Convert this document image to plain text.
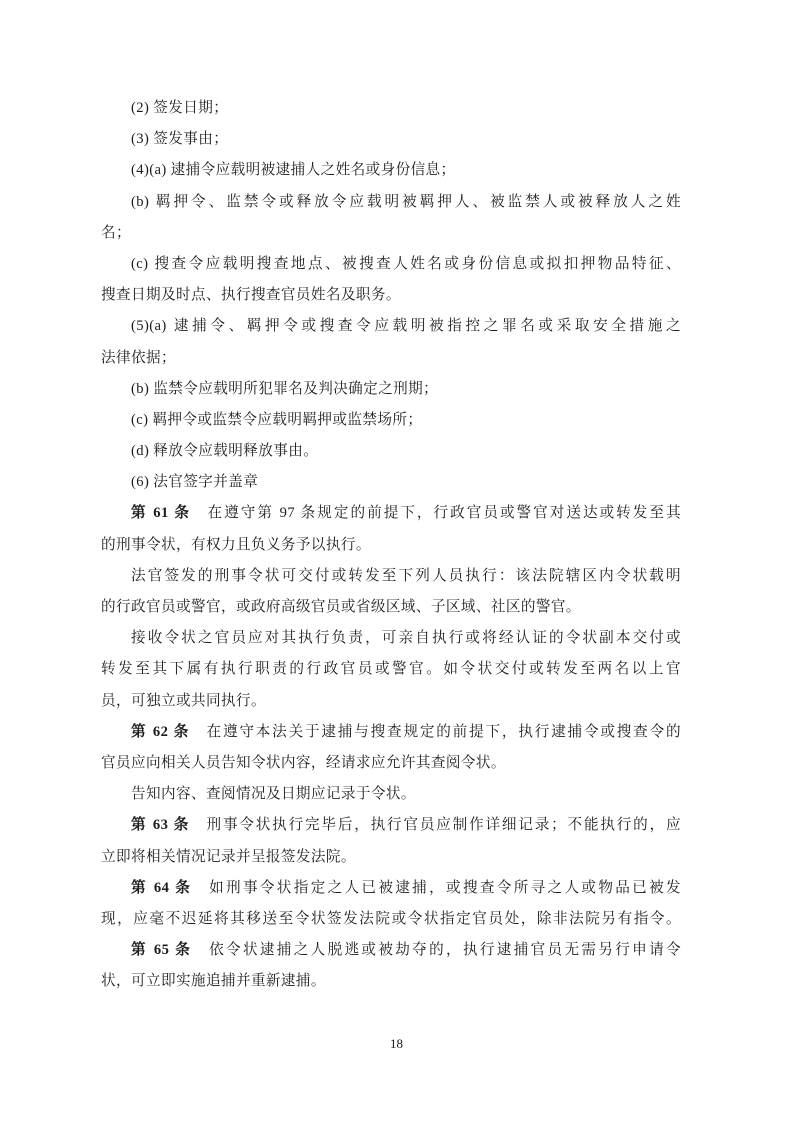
(2) 签发日期；
(3) 签发事由；
(4)(a) 逮捕令应载明被逮捕人之姓名或身份信息；
(b) 羁押令、监禁令或释放令应载明被羁押人、被监禁人或被释放人之姓
名；
(c) 搜查令应载明搜查地点、被搜查人姓名或身份信息或拟扣押物品特征、
搜查日期及时点、执行搜查官员姓名及职务。
(5)(a) 逮捕令、羁押令或搜查令应载明被指控之罪名或采取安全措施之
法律依据；
(b) 监禁令应载明所犯罪名及判决确定之刑期；
(c) 羁押令或监禁令应载明羁押或监禁场所；
(d) 释放令应载明释放事由。
(6) 法官签字并盖章
第 61 条　在遵守第 97 条规定的前提下，行政官员或警官对送达或转发至其
的刑事令状，有权力且负义务予以执行。
法官签发的刑事令状可交付或转发至下列人员执行：该法院辖区内令状载明
的行政官员或警官，或政府高级官员或省级区域、子区域、社区的警官。
接收令状之官员应对其执行负责，可亲自执行或将经认证的令状副本交付或
转发至其下属有执行职责的行政官员或警官。如令状交付或转发至两名以上官
员，可独立或共同执行。
第 62 条　在遵守本法关于逮捕与搜查规定的前提下，执行逮捕令或搜查令的
官员应向相关人员告知令状内容，经请求应允许其查阅令状。
告知内容、查阅情况及日期应记录于令状。
第 63 条　刑事令状执行完毕后，执行官员应制作详细记录；不能执行的，应
立即将相关情况记录并呈报签发法院。
第 64 条　如刑事令状指定之人已被逮捕，或搜查令所寻之人或物品已被发
现，应毫不迟延将其移送至令状签发法院或令状指定官员处，除非法院另有指令。
第 65 条　依令状逮捕之人脱逃或被劫夺的，执行逮捕官员无需另行申请令
状，可立即实施追捕并重新逮捕。
18
